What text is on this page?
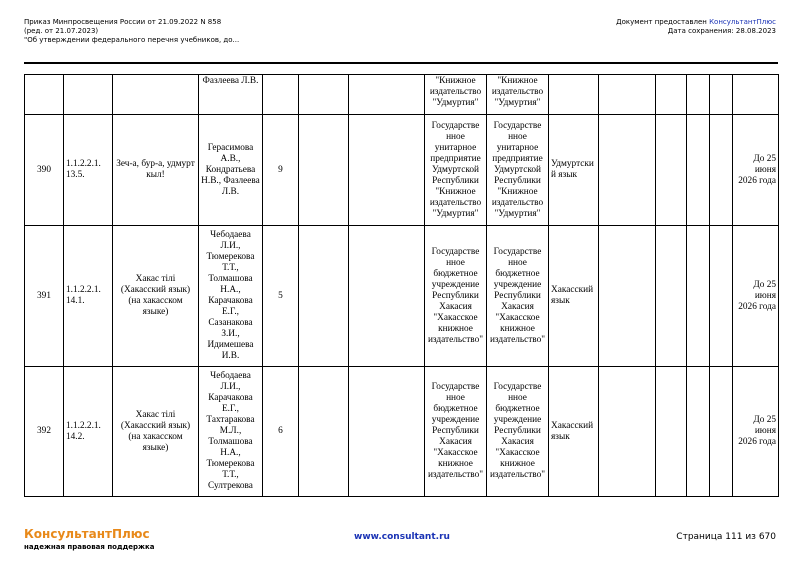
Приказ Минпросвещения России от 21.09.2022 N 858
(ред. от 21.07.2023)
"Об утверждении федерального перечня учебников, до...
Документ предоставлен КонсультантПлюс
Дата сохранения: 28.08.2023
			Фазлеева Л.В.				"Книжное издательство "Удмуртия"	"Книжное издательство "Удмуртия"						
390	1.1.2.2.1. 13.5.	Зеч-а, бур-а, удмурт кыл!	Герасимова А.В., Кондратьева Н.В., Фазлеева Л.В.	9			Государстве нное унитарное предприятие Удмуртской Республики "Книжное издательство "Удмуртия"	Государстве нное унитарное предприятие Удмуртской Республики "Книжное издательство "Удмуртия"	Удмуртски й язык					До 25 июня 2026 года
391	1.1.2.2.1. 14.1.	Хакас тілі (Хакасский язык) (на хакасском языке)	Чебодаева Л.И., Тюмерекова Т.Т., Толмашова Н.А., Карачакова Е.Г., Сазанакова З.И., Идимешева И.В.	5			Государстве нное бюджетное учреждение Республики Хакасия "Хакасское книжное издательство"	Государстве нное бюджетное учреждение Республики Хакасия "Хакасское книжное издательство"	Хакасский язык					До 25 июня 2026 года
392	1.1.2.2.1. 14.2.	Хакас тілі (Хакасский язык) (на хакасском языке)	Чебодаева Л.И., Карачакова Е.Г., Тахтаракова М.Л., Толмашова Н.А., Тюмерекова Т.Т., Султрекова	6			Государстве нное бюджетное учреждение Республики Хакасия "Хакасское книжное издательство"	Государстве нное бюджетное учреждение Республики Хакасия "Хакасское книжное издательство"	Хакасский язык					До 25 июня 2026 года
КонсультантПлюс
надежная правовая поддержка
www.consultant.ru	Страница 111 из 670
